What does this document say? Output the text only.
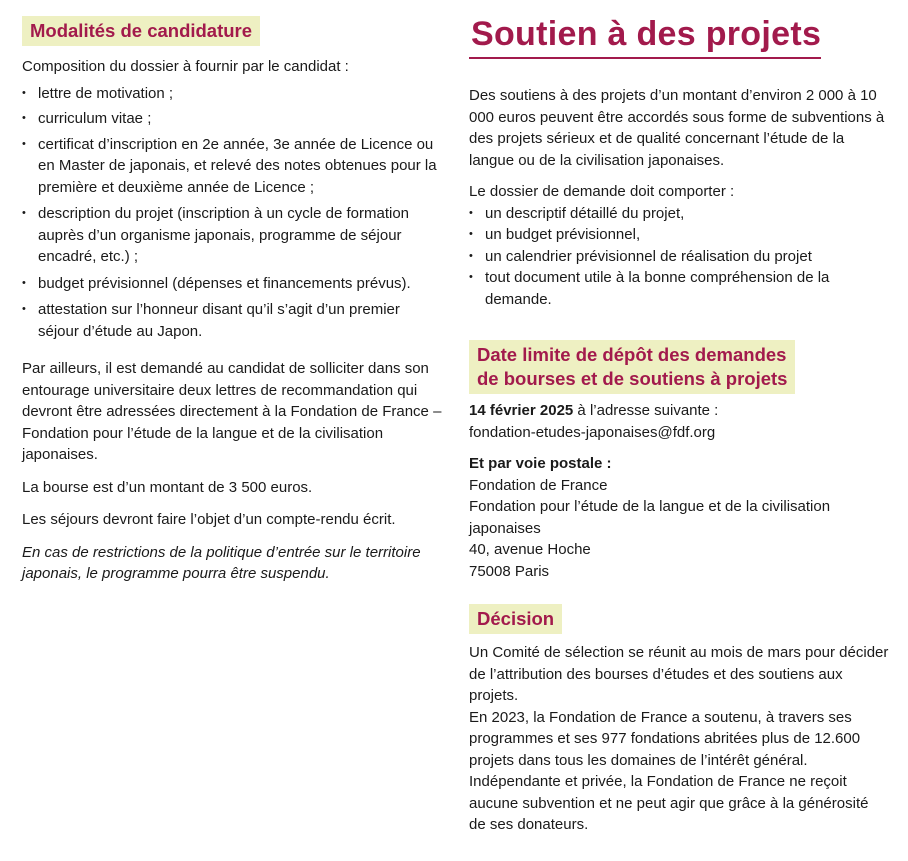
Modalités de candidature

Composition du dossier à fournir par le candidat :

• lettre de motivation ;
• curriculum vitae ;
• certificat d’inscription en 2e année, 3e année de Licence ou en Master de japonais, et relevé des notes obtenues pour la première et deuxième année de Licence ;
• description du projet (inscription à un cycle de formation auprès d’un organisme japonais, programme de séjour encadré, etc.) ;
• budget prévisionnel (dépenses et financements prévus).
• attestation sur l’honneur disant qu’il s’agit d’un premier séjour d’étude au Japon.

Par ailleurs, il est demandé au candidat de solliciter dans son entourage universitaire deux lettres de recommandation qui devront être adressées directement à la Fondation de France – Fondation pour l’étude de la langue et de la civilisation japonaises.

La bourse est d’un montant de 3 500 euros.

Les séjours devront faire l’objet d’un compte-rendu écrit.

En cas de restrictions de la politique d’entrée sur le territoire japonais, le programme pourra être suspendu.

Soutien à des projets

Des soutiens à des projets d’un montant d’environ 2 000 à 10 000 euros peuvent être accordés sous forme de subventions à des projets sérieux et de qualité concernant l’étude de la langue ou de la civilisation japonaises.

Le dossier de demande doit comporter :

• un descriptif détaillé du projet,
• un budget prévisionnel,
• un calendrier prévisionnel de réalisation du projet
• tout document utile à la bonne compréhension de la demande.
Date limite de dépôt des demandes
de bourses et de soutiens à projets

14 février 2025 à l’adresse suivante :

fondation-etudes-japonaises@fdf.org

Et par voie postale :

Fondation de France

Fondation pour l’étude de la langue et de la civilisation japonaises

40, avenue Hoche

75008 Paris

Décision

Un Comité de sélection se réunit au mois de mars pour décider de l’attribution des bourses d’études et des soutiens aux projets.

En 2023, la Fondation de France a soutenu, à travers ses programmes et ses 977 fondations abritées plus de 12.600 projets dans tous les domaines de l’intérêt général. Indépendante et privée, la Fondation de France ne reçoit aucune subvention et ne peut agir que grâce à la générosité de ses donateurs.
